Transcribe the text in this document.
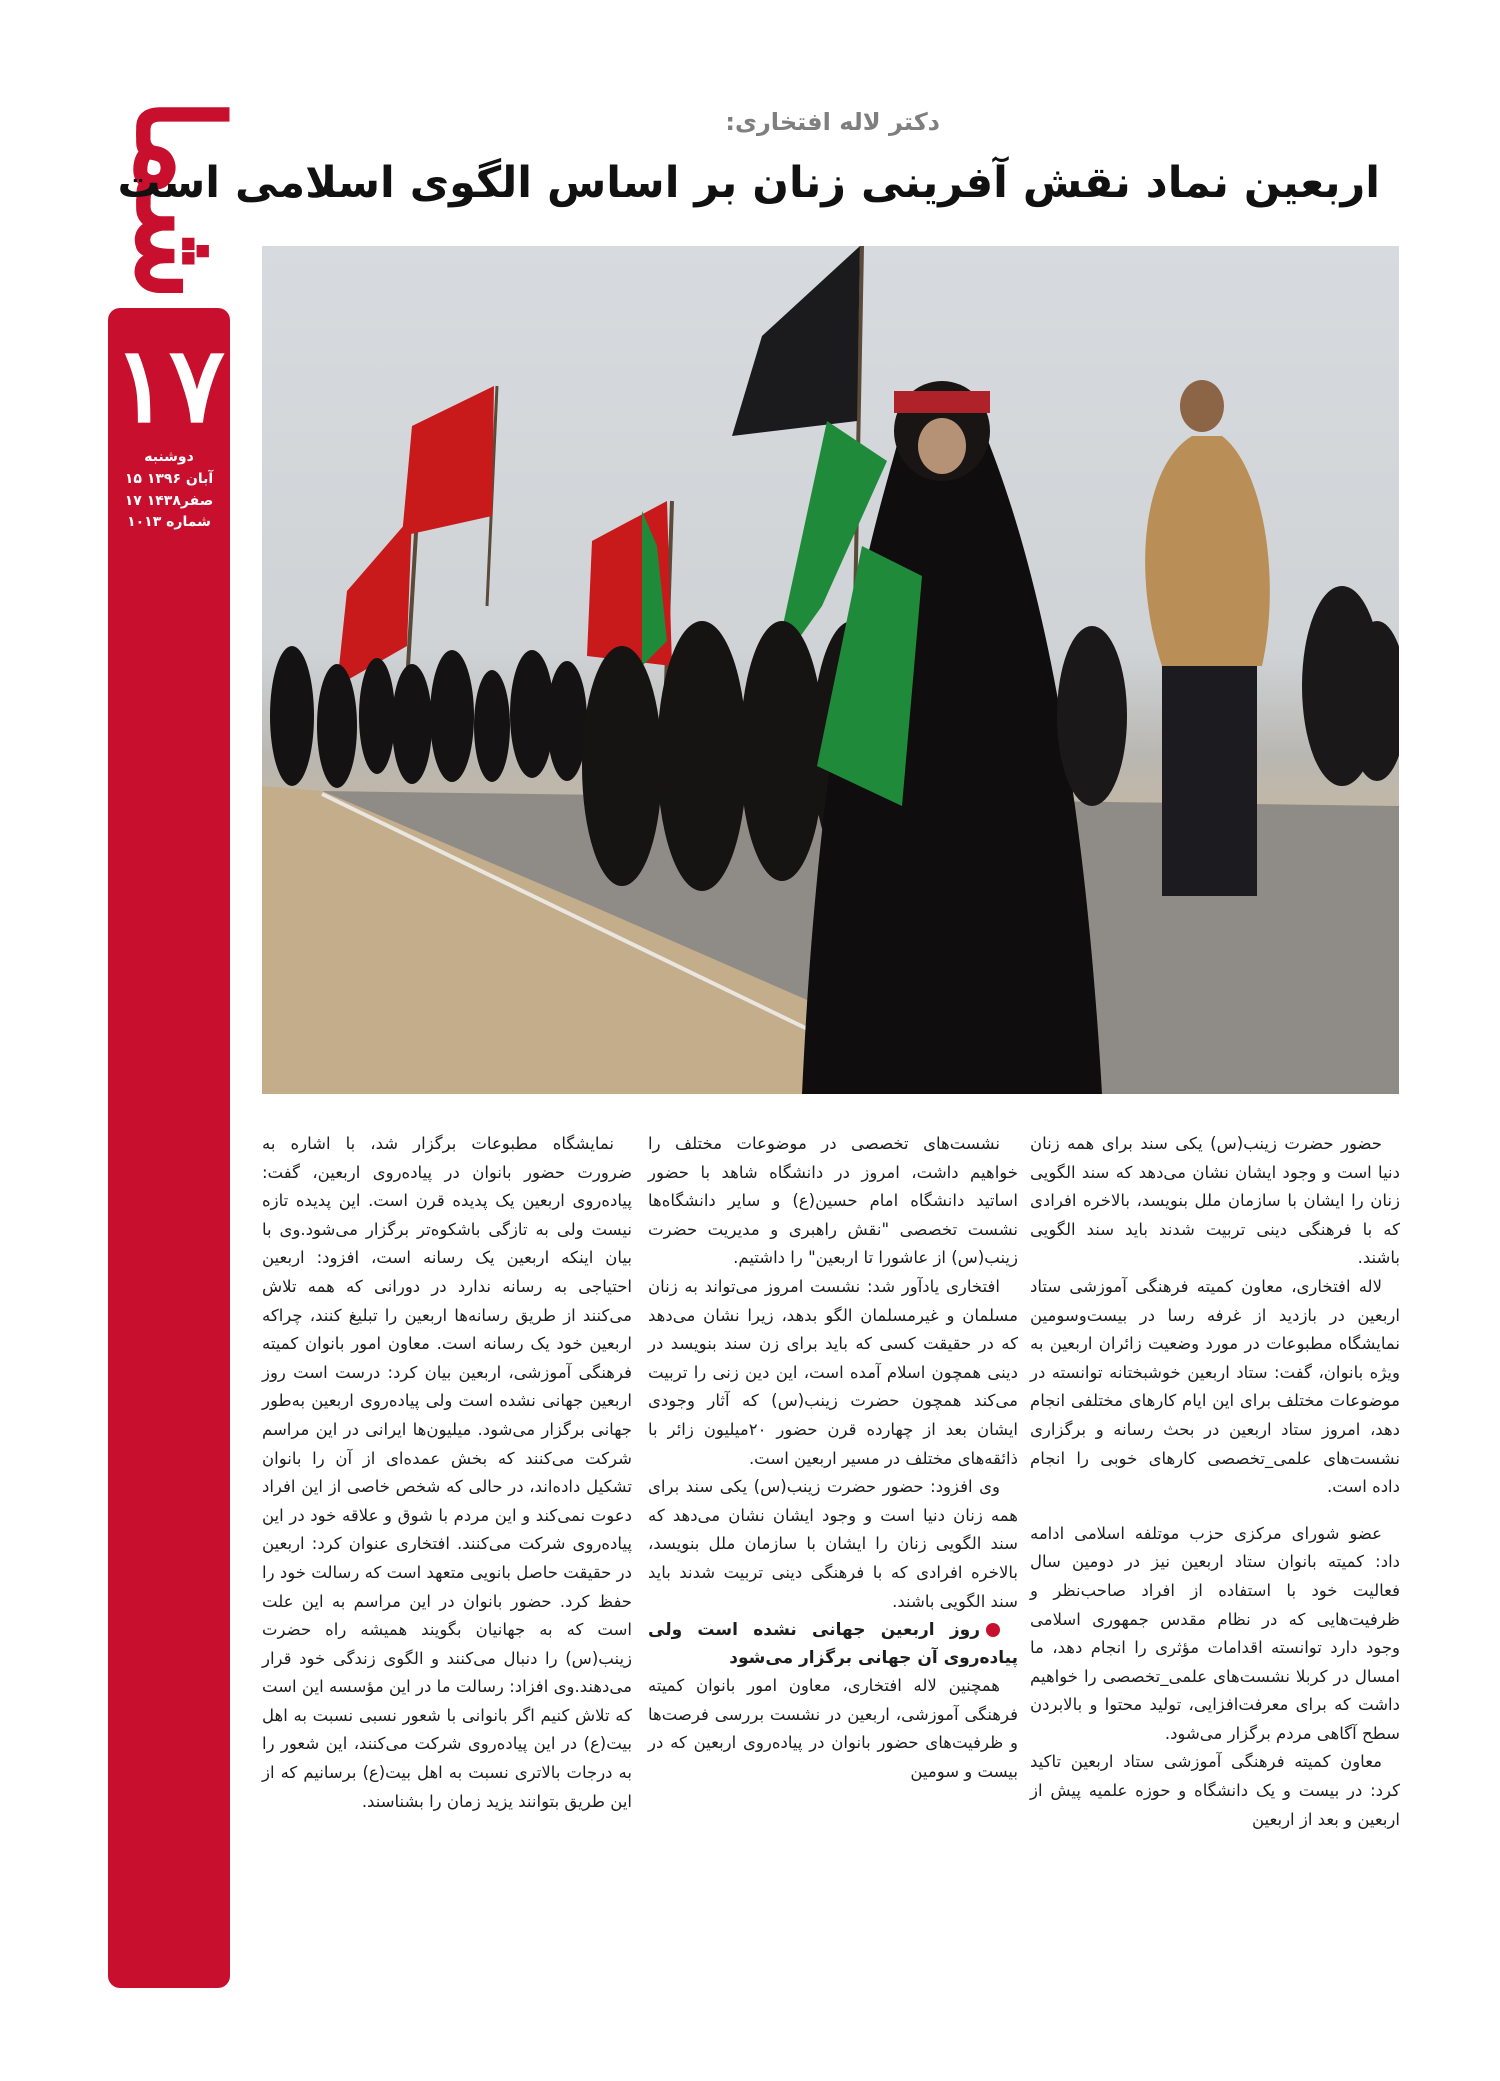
شما
۱۷
دوشنبه
۱۵ آبان ۱۳۹۶
۱۷ صفر۱۴۳۸
شماره ۱۰۱۳
دکتر لاله افتخاری:
اربعین نماد نقش آفرینی زنان بر اساس الگوی اسلامی است

حضور حضرت زینب(س) یکی سند برای همه زنان دنیا است و وجود ایشان نشان می‌دهد که سند الگویی زنان را ایشان با سازمان ملل بنویسد، بالاخره افرادی که با فرهنگی دینی تربیت شدند باید سند الگویی باشند.

لاله افتخاری، معاون کمیته فرهنگی آموزشی ستاد اربعین در بازدید از غرفه رسا در بیست‌وسومین نمایشگاه مطبوعات در مورد وضعیت زائران اربعین به ویژه بانوان، گفت: ستاد اربعین خوشبختانه توانسته در موضوعات مختلف برای این ایام کارهای مختلفی انجام دهد، امروز ستاد اربعین در بحث رسانه و برگزاری نشست‌های علمی_تخصصی کارهای خوبی را انجام داده است.

عضو شورای مرکزی حزب موتلفه اسلامی ادامه داد: کمیته بانوان ستاد اربعین نیز در دومین سال فعالیت خود با استفاده از افراد صاحب‌نظر و ظرفیت‌هایی که در نظام مقدس جمهوری اسلامی وجود دارد توانسته اقدامات مؤثری را انجام دهد، ما امسال در کربلا نشست‌های علمی_تخصصی را خواهیم داشت که برای معرفت‌افزایی، تولید محتوا و بالابردن سطح آگاهی مردم برگزار می‌شود.

معاون کمیته فرهنگی آموزشی ستاد اربعین تاکید کرد: در بیست و یک دانشگاه و حوزه علمیه پیش از اربعین و بعد از اربعین

نشست‌های تخصصی در موضوعات مختلف را خواهیم داشت، امروز در دانشگاه شاهد با حضور اساتید دانشگاه امام حسین(ع) و سایر دانشگاه‌ها نشست تخصصی "نقش راهبری و مدیریت حضرت زینب(س) از عاشورا تا اربعین" را داشتیم.

افتخاری یادآور شد: نشست امروز می‌تواند به زنان مسلمان و غیرمسلمان الگو بدهد، زیرا نشان می‌دهد که در حقیقت کسی که باید برای زن سند بنویسد در دینی همچون اسلام آمده است، این دین زنی را تربیت می‌کند همچون حضرت زینب(س) که آثار وجودی ایشان بعد از چهارده قرن حضور ۲۰میلیون زائر با ذائقه‌های مختلف در مسیر اربعین است.

وی افزود: حضور حضرت زینب(س) یکی سند برای همه زنان دنیا است و وجود ایشان نشان می‌دهد که سند الگویی زنان را ایشان با سازمان ملل بنویسد، بالاخره افرادی که با فرهنگی دینی تربیت شدند باید سند الگویی باشند.

روز اربعین جهانی نشده است ولی پیاده‌روی آن جهانی برگزار می‌شود

همچنین لاله افتخاری، معاون امور بانوان کمیته فرهنگی آموزشی، اربعین در نشست بررسی فرصت‌ها و ظرفیت‌های حضور بانوان در پیاده‌روی اربعین که در بیست و سومین

نمایشگاه مطبوعات برگزار شد، با اشاره به ضرورت حضور بانوان در پیاده‌روی اربعین، گفت: پیاده‌روی اربعین یک پدیده قرن است. این پدیده تازه نیست ولی به تازگی باشکوه‌تر برگزار می‌شود.وی با بیان اینکه اربعین یک رسانه است، افزود: اربعین احتیاجی به رسانه ندارد در دورانی که همه تلاش می‌کنند از طریق رسانه‌ها اربعین را تبلیغ کنند، چراکه اربعین خود یک رسانه است. معاون امور بانوان کمیته فرهنگی آموزشی، اربعین بیان کرد: درست است روز اربعین جهانی نشده است ولی پیاده‌روی اربعین به‌طور جهانی برگزار می‌شود. میلیون‌ها ایرانی در این مراسم شرکت می‌کنند که بخش عمده‌ای از آن را بانوان تشکیل داده‌اند، در حالی که شخص خاصی از این افراد دعوت نمی‌کند و این مردم با شوق و علاقه خود در این پیاده‌روی شرکت می‌کنند. افتخاری عنوان کرد: اربعین در حقیقت حاصل بانویی متعهد است که رسالت خود را حفظ کرد. حضور بانوان در این مراسم به این علت است که به جهانیان بگویند همیشه راه حضرت زینب(س) را دنبال می‌کنند و الگوی زندگی خود قرار می‌دهند.وی افزاد: رسالت ما در این مؤسسه این است که تلاش کنیم اگر بانوانی با شعور نسبی نسبت به اهل بیت(ع) در این پیاده‌روی شرکت می‌کنند، این شعور را به درجات بالاتری نسبت به اهل بیت(ع) برسانیم که از این طریق بتوانند یزید زمان را بشناسند.
